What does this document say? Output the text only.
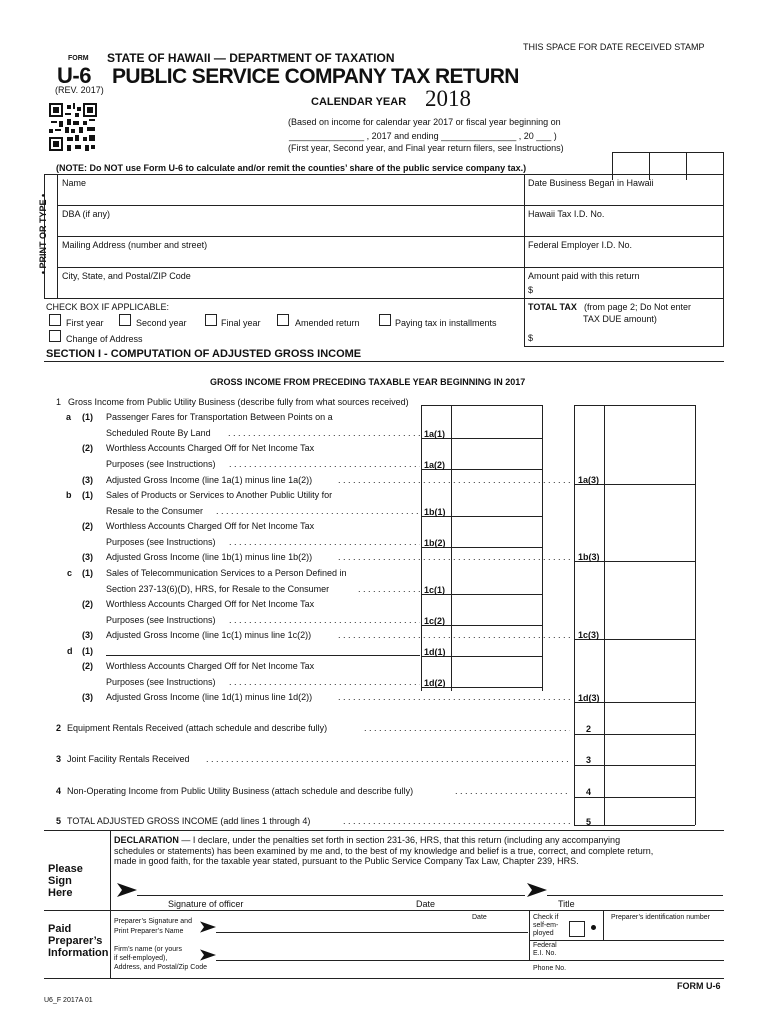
THIS SPACE FOR DATE RECEIVED STAMP
FORM STATE OF HAWAII — DEPARTMENT OF TAXATION
U-6 PUBLIC SERVICE COMPANY TAX RETURN
(REV. 2017)
CALENDAR YEAR 2018
(Based on income for calendar year 2017 or fiscal year beginning on
_______________ , 2017 and ending _______________ , 20 ___ )
(First year, Second year, and Final year return filers, see Instructions)
(NOTE: Do NOT use Form U-6 to calculate and/or remit the counties’ share of the public service company tax.)
• PRINT OR TYPE •
Name
DBA (if any)
Mailing Address (number and street)
City, State, and Postal/ZIP Code
Date Business Began in Hawaii
Hawaii Tax I.D. No.
Federal Employer I.D. No.
Amount paid with this return
$
TOTAL TAX (from page 2; Do Not enter
TAX DUE amount)
$
CHECK BOX IF APPLICABLE:
First year	Second year	Final year	Amended return	Paying tax in installments
Change of Address
SECTION I - COMPUTATION OF ADJUSTED GROSS INCOME
GROSS INCOME FROM PRECEDING TAXABLE YEAR BEGINNING IN 2017
1 Gross Income from Public Utility Business (describe fully from what sources received)
a (1) Passenger Fares for Transportation Between Points on a
Scheduled Route By Land . . .	1a(1)
(2) Worthless Accounts Charged Off for Net Income Tax
Purposes (see Instructions) . . .	1a(2)
(3) Adjusted Gross Income (line 1a(1) minus line 1a(2)) . . .	1a(3)
b (1) Sales of Products or Services to Another Public Utility for
Resale to the Consumer . . .	1b(1)
(2) Worthless Accounts Charged Off for Net Income Tax
Purposes (see Instructions) . . .	1b(2)
(3) Adjusted Gross Income (line 1b(1) minus line 1b(2)) . . .	1b(3)
c (1) Sales of Telecommunication Services to a Person Defined in
Section 237-13(6)(D), HRS, for Resale to the Consumer . . .	1c(1)
(2) Worthless Accounts Charged Off for Net Income Tax
Purposes (see Instructions) . . .	1c(2)
(3) Adjusted Gross Income (line 1c(1) minus line 1c(2)) . . .	1c(3)
d (1)	1d(1)
(2) Worthless Accounts Charged Off for Net Income Tax
Purposes (see Instructions) . . .	1d(2)
(3) Adjusted Gross Income (line 1d(1) minus line 1d(2)) . . .	1d(3)
2 Equipment Rentals Received (attach schedule and describe fully) . . .	2
3 Joint Facility Rentals Received . . .	3
4 Non-Operating Income from Public Utility Business (attach schedule and describe fully) . . .	4
5 TOTAL ADJUSTED GROSS INCOME (add lines 1 through 4) . . .	5
DECLARATION — I declare, under the penalties set forth in section 231-36, HRS, that this return (including any accompanying
schedules or statements) has been examined by me and, to the best of my knowledge and belief is a true, correct, and complete return,
made in good faith, for the taxable year stated, pursuant to the Public Service Company Tax Law, Chapter 239, HRS.
Please
Sign
Here
Signature of officer	Date	Title
Paid
Preparer’s
Information
Preparer’s Signature and
Print Preparer’s Name
Date	Check if
self-em-
ployed
Preparer’s identification number
Firm’s name (or yours
if self-employed),
Address, and Postal/Zip Code
Federal
E.I. No.
Phone No.
FORM U-6
U6_F 2017A 01
